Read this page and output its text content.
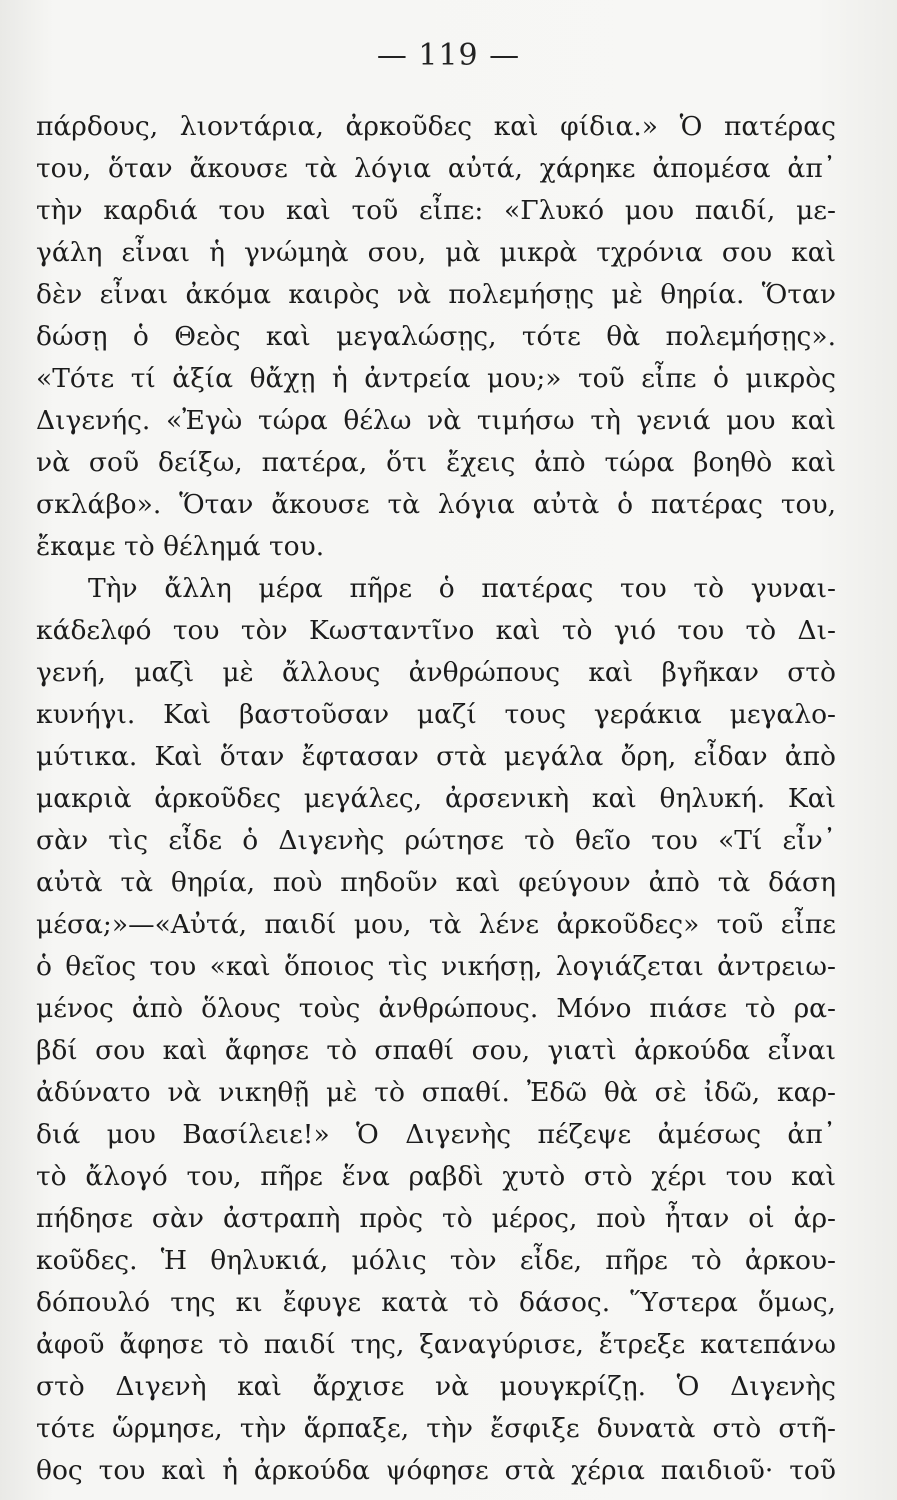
— 119 —
πάρδους, λιοντάρια, ἀρκοῦδες καὶ φίδια.» Ὁ πατέρας
του, ὅταν ἄκουσε τὰ λόγια αὐτά, χάρηκε ἀπομέσα ἀπ᾿
τὴν καρδιά του καὶ τοῦ εἶπε: «Γλυκό μου παιδί, με-
γάλη εἶναι ἡ γνώμηὰ σου, μὰ μικρὰ τχρόνια σου καὶ
δὲν εἶναι ἀκόμα καιρὸς νὰ πολεμήσῃς μὲ θηρία. Ὅταν
δώσῃ ὁ Θεὸς καὶ μεγαλώσῃς, τότε θὰ πολεμήσῃς».
«Τότε τί ἀξία θἄχῃ ἡ ἀντρεία μου;» τοῦ εἶπε ὁ μικρὸς
Διγενής. «Ἐγὼ τώρα θέλω νὰ τιμήσω τὴ γενιά μου καὶ
νὰ σοῦ δείξω, πατέρα, ὅτι ἔχεις ἀπὸ τώρα βοηθὸ καὶ
σκλάβο». Ὅταν ἄκουσε τὰ λόγια αὐτὰ ὁ πατέρας του,
ἔκαμε τὸ θέλημά του.
Τὴν ἄλλη μέρα πῆρε ὁ πατέρας του τὸ γυναι-
κάδελφό του τὸν Κωσταντῖνο καὶ τὸ γιό του τὸ Δι-
γενή, μαζὶ μὲ ἄλλους ἀνθρώπους καὶ βγῆκαν στὸ
κυνήγι. Καὶ βαστοῦσαν μαζί τους γεράκια μεγαλο-
μύτικα. Καὶ ὅταν ἔφτασαν στὰ μεγάλα ὄρη, εἶδαν ἀπὸ
μακριὰ ἀρκοῦδες μεγάλες, ἀρσενικὴ καὶ θηλυκή. Καὶ
σὰν τὶς εἶδε ὁ Διγενὴς ρώτησε τὸ θεῖο του «Τί εἶν᾿
αὐτὰ τὰ θηρία, ποὺ πηδοῦν καὶ φεύγουν ἀπὸ τὰ δάση
μέσα;»—«Αὐτά, παιδί μου, τὰ λένε ἀρκοῦδες» τοῦ εἶπε
ὁ θεῖος του «καὶ ὅποιος τὶς νικήσῃ, λογιάζεται ἀντρειω-
μένος ἀπὸ ὅλους τοὺς ἀνθρώπους. Μόνο πιάσε τὸ ρα-
βδί σου καὶ ἄφησε τὸ σπαθί σου, γιατὶ ἀρκούδα εἶναι
ἀδύνατο νὰ νικηθῇ μὲ τὸ σπαθί. Ἐδῶ θὰ σὲ ἰδῶ, καρ-
διά μου Βασίλειε!» Ὁ Διγενὴς πέζεψε ἀμέσως ἀπ᾿
τὸ ἄλογό του, πῆρε ἕνα ραβδὶ χυτὸ στὸ χέρι του καὶ
πήδησε σὰν ἀστραπὴ πρὸς τὸ μέρος, ποὺ ἦταν οἱ ἀρ-
κοῦδες. Ἡ θηλυκιά, μόλις τὸν εἶδε, πῆρε τὸ ἀρκου-
δόπουλό της κι ἔφυγε κατὰ τὸ δάσος. Ὕστερα ὅμως,
ἀφοῦ ἄφησε τὸ παιδί της, ξαναγύρισε, ἔτρεξε κατεπάνω
στὸ Διγενὴ καὶ ἄρχισε νὰ μουγκρίζῃ. Ὁ Διγενὴς
τότε ὥρμησε, τὴν ἅρπαξε, τὴν ἔσφιξε δυνατὰ στὸ στῆ-
θος του καὶ ἡ ἀρκούδα ψόφησε στὰ χέρια παιδιοῦ· τοῦ
